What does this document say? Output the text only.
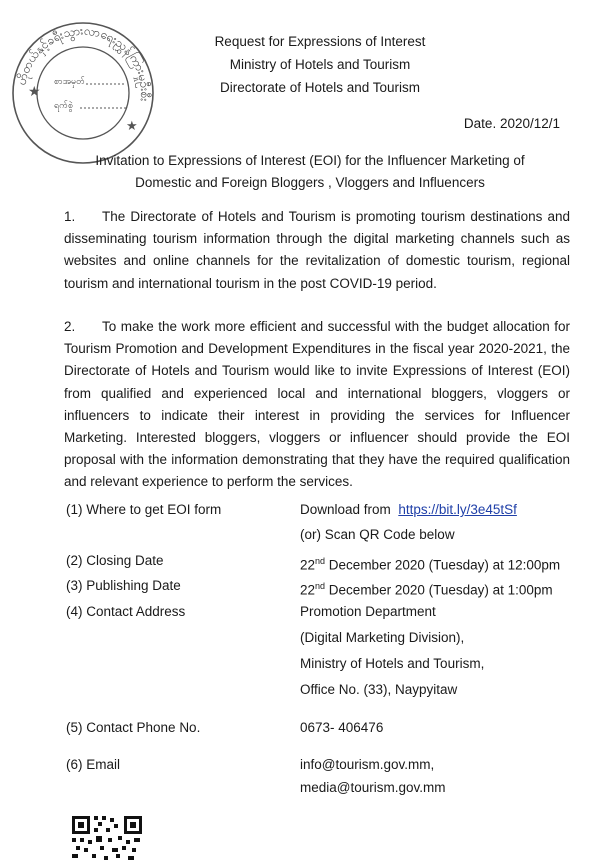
ဟိုတယ်နှင့်ခရီးသွားလာရေးညွှန်ကြားမှုဦးစီး
★
★
စာအမှတ်
ရက်စွဲ
Request for Expressions of Interest
Ministry of Hotels and Tourism
Directorate of Hotels and Tourism
Date. 2020/12/1
Invitation to Expressions of Interest (EOI) for the Influencer Marketing of
Domestic and Foreign Bloggers , Vloggers and Influencers
1. The Directorate of Hotels and Tourism is promoting tourism destinations and disseminating tourism information through the digital marketing channels such as websites and online channels for the revitalization of domestic tourism, regional tourism and international tourism in the post COVID-19 period.
2. To make the work more efficient and successful with the budget allocation for Tourism Promotion and Development Expenditures in the fiscal year 2020-2021, the Directorate of Hotels and Tourism would like to invite Expressions of Interest (EOI) from qualified and experienced local and international bloggers, vloggers or influencers to indicate their interest in providing the services for Influencer Marketing. Interested bloggers, vloggers or influencer should provide the EOI proposal with the information demonstrating that they have the required qualification and relevant experience to perform the services.
(1) Where to get EOI form	Download from https://bit.ly/3e45tSf
(or) Scan QR Code below
(2) Closing Date	22nd December 2020 (Tuesday) at 12:00pm
(3) Publishing Date	22nd December 2020 (Tuesday) at 1:00pm
(4) Contact Address	Promotion Department
(Digital Marketing Division),
Ministry of Hotels and Tourism,
Office No. (33), Naypyitaw
(5) Contact Phone No.	0673- 406476
(6) Email	info@tourism.gov.mm,
media@tourism.gov.mm
